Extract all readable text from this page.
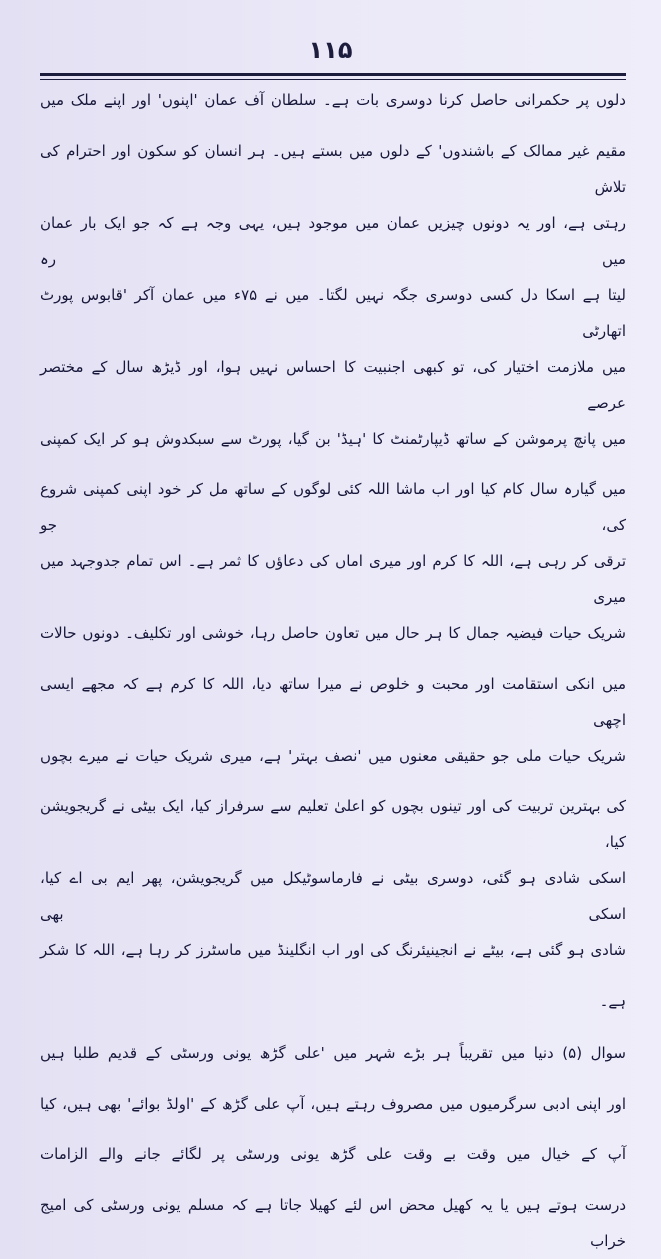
۱۱۵
دلوں پر حکمرانی حاصل کرنا دوسری بات ہے۔ سلطان آف عمان 'اپنوں' اور اپنے ملک میں
مقیم غیر ممالک کے باشندوں' کے دلوں میں بستے ہیں۔ ہر انسان کو سکون اور احترام کی تلاش
رہتی ہے، اور یہ دونوں چیزیں عمان میں موجود ہیں، یہی وجہ ہے کہ جو ایک بار عمان میں رہ
لیتا ہے اسکا دل کسی دوسری جگہ نہیں لگتا۔ میں نے ۷۵ء میں عمان آکر 'قابوس پورٹ اتھارٹی
میں ملازمت اختیار کی، تو کبھی اجنبیت کا احساس نہیں ہوا، اور ڈیڑھ سال کے مختصر عرصے
میں پانچ پرموشن کے ساتھ ڈیپارٹمنٹ کا 'ہیڈ' بن گیا، پورٹ سے سبکدوش ہو کر ایک کمپنی
میں گیارہ سال کام کیا اور اب ماشا اللہ کئی لوگوں کے ساتھ مل کر خود اپنی کمپنی شروع کی، جو
ترقی کر رہی ہے، اللہ کا کرم اور میری اماں کی دعاؤں کا ثمر ہے۔ اس تمام جدوجہد میں میری
شریک حیات فیضیہ جمال کا ہر حال میں تعاون حاصل رہا، خوشی اور تکلیف۔ دونوں حالات
میں انکی استقامت اور محبت و خلوص نے میرا ساتھ دیا، اللہ کا کرم ہے کہ مجھے ایسی اچھی
شریک حیات ملی جو حقیقی معنوں میں 'نصف بہتر' ہے، میری شریک حیات نے میرے بچوں
کی بہترین تربیت کی اور تینوں بچوں کو اعلیٰ تعلیم سے سرفراز کیا، ایک بیٹی نے گریجویشن کیا،
اسکی شادی ہو گئی، دوسری بیٹی نے فارماسوٹیکل میں گریجویشن، پھر ایم بی اے کیا، اسکی بھی
شادی ہو گئی ہے، بیٹے نے انجینیئرنگ کی اور اب انگلینڈ میں ماسٹرز کر رہا ہے، اللہ کا شکر
ہے۔
سوال (۵) دنیا میں تقریباً ہر بڑے شہر میں 'علی گڑھ یونی ورسٹی کے قدیم طلبا ہیں
اور اپنی ادبی سرگرمیوں میں مصروف رہتے ہیں، آپ علی گڑھ کے 'اولڈ بوائے' بھی ہیں، کیا
آپ کے خیال میں وقت بے وقت علی گڑھ یونی ورسٹی پر لگائے جانے والے الزامات
درست ہوتے ہیں یا یہ کھیل محض اس لئے کھیلا جاتا ہے کہ مسلم یونی ورسٹی کی امیج خراب
